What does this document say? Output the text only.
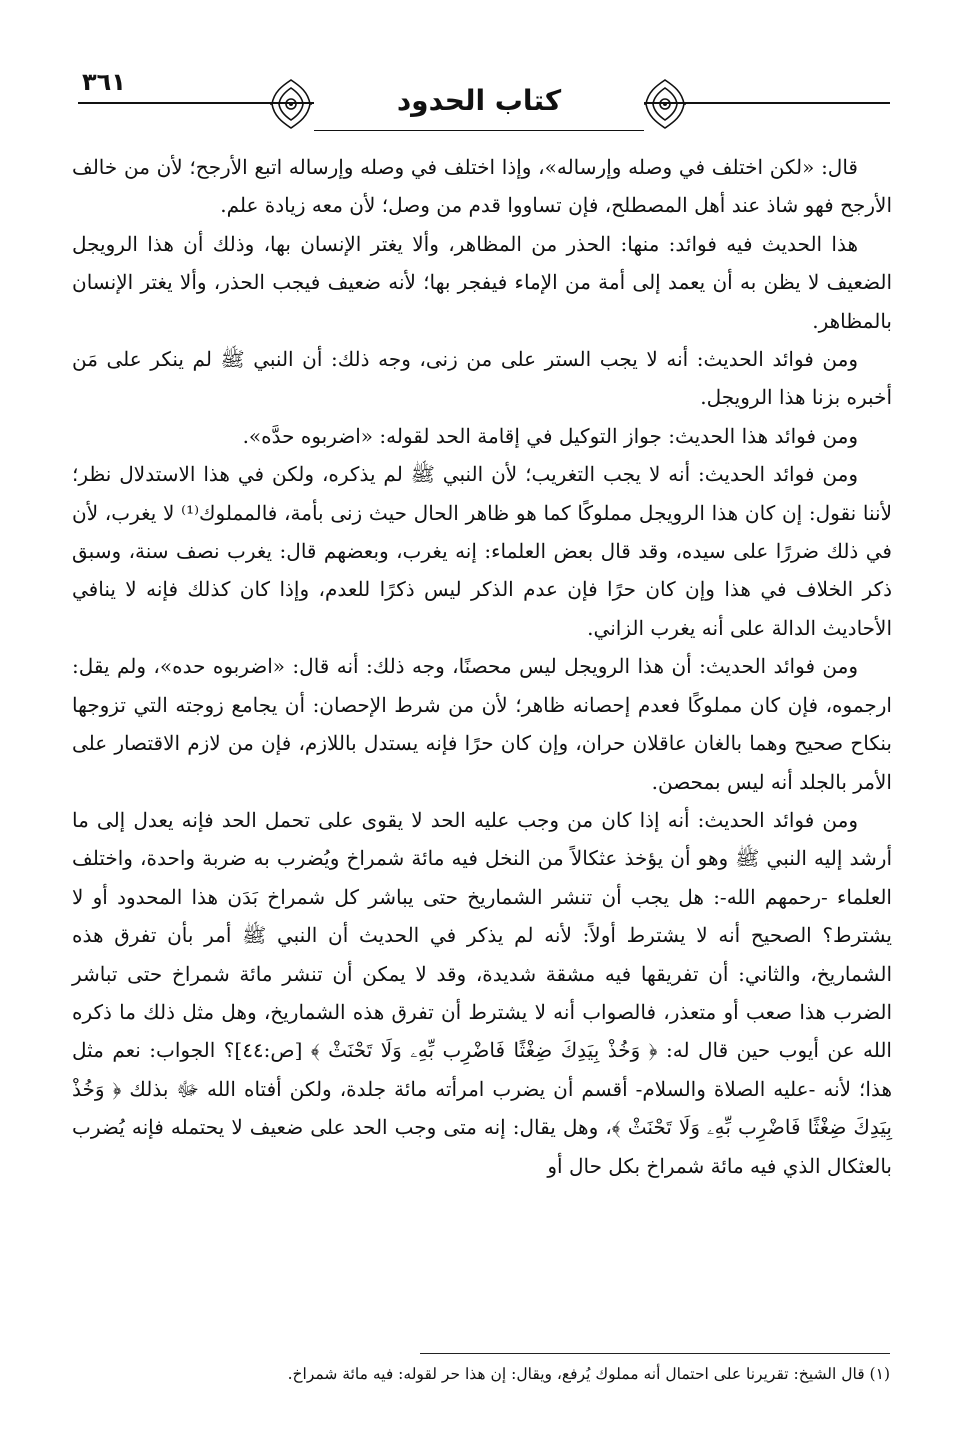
٣٦١
كتاب الحدود

قال: «لكن اختلف في وصله وإرساله»، وإذا اختلف في وصله وإرساله اتبع الأرجح؛ لأن من خالف الأرجح فهو شاذ عند أهل المصطلح، فإن تساووا قدم من وصل؛ لأن معه زيادة علم.

هذا الحديث فيه فوائد: منها: الحذر من المظاهر، وألا يغتر الإنسان بها، وذلك أن هذا الرويجل الضعيف لا يظن به أن يعمد إلى أمة من الإماء فيفجر بها؛ لأنه ضعيف فيجب الحذر، وألا يغتر الإنسان بالمظاهر.

ومن فوائد الحديث: أنه لا يجب الستر على من زنى، وجه ذلك: أن النبي ﷺ لم ينكر على مَن أخبره بزنا هذا الرويجل.

ومن فوائد هذا الحديث: جواز التوكيل في إقامة الحد لقوله: «اضربوه حدَّه».

ومن فوائد الحديث: أنه لا يجب التغريب؛ لأن النبي ﷺ لم يذكره، ولكن في هذا الاستدلال نظر؛ لأننا نقول: إن كان هذا الرويجل مملوكًا كما هو ظاهر الحال حيث زنى بأمة، فالمملوك⁽¹⁾ لا يغرب، لأن في ذلك ضررًا على سيده، وقد قال بعض العلماء: إنه يغرب، وبعضهم قال: يغرب نصف سنة، وسبق ذكر الخلاف في هذا وإن كان حرًا فإن عدم الذكر ليس ذكرًا للعدم، وإذا كان كذلك فإنه لا ينافي الأحاديث الدالة على أنه يغرب الزاني.

ومن فوائد الحديث: أن هذا الرويجل ليس محصنًا، وجه ذلك: أنه قال: «اضربوه حده»، ولم يقل: ارجموه، فإن كان مملوكًا فعدم إحصانه ظاهر؛ لأن من شرط الإحصان: أن يجامع زوجته التي تزوجها بنكاح صحيح وهما بالغان عاقلان حران، وإن كان حرًا فإنه يستدل باللازم، فإن من لازم الاقتصار على الأمر بالجلد أنه ليس بمحصن.

ومن فوائد الحديث: أنه إذا كان من وجب عليه الحد لا يقوى على تحمل الحد فإنه يعدل إلى ما أرشد إليه النبي ﷺ وهو أن يؤخذ عثكالاً من النخل فيه مائة شمراخ ويُضرب به ضربة واحدة، واختلف العلماء -رحمهم الله-: هل يجب أن تنشر الشماريخ حتى يباشر كل شمراخ بَدَن هذا المحدود أو لا يشترط؟ الصحيح أنه لا يشترط أولاً: لأنه لم يذكر في الحديث أن النبي ﷺ أمر بأن تفرق هذه الشماريخ، والثاني: أن تفريقها فيه مشقة شديدة، وقد لا يمكن أن تنشر مائة شمراخ حتى تباشر الضرب هذا صعب أو متعذر، فالصواب أنه لا يشترط أن تفرق هذه الشماريخ، وهل مثل ذلك ما ذكره الله عن أيوب حين قال له: ﴿ وَخُذْ بِيَدِكَ ضِغْثًا فَاضْرِب بِّهِۦ وَلَا تَحْنَثْ ﴾ [ص:٤٤]؟ الجواب: نعم مثل هذا؛ لأنه -عليه الصلاة والسلام- أقسم أن يضرب امرأته مائة جلدة، ولكن أفتاه الله ﷻ بذلك ﴿ وَخُذْ بِيَدِكَ ضِغْثًا فَاضْرِب بِّهِۦ وَلَا تَحْنَثْ ﴾، وهل يقال: إنه متى وجب الحد على ضعيف لا يحتمله فإنه يُضرب بالعثكال الذي فيه مائة شمراخ بكل حال أو

(١) قال الشيخ: تقريرنا على احتمال أنه مملوك يُرفع، ويقال: إن هذا حر لقوله: فيه مائة شمراخ.
